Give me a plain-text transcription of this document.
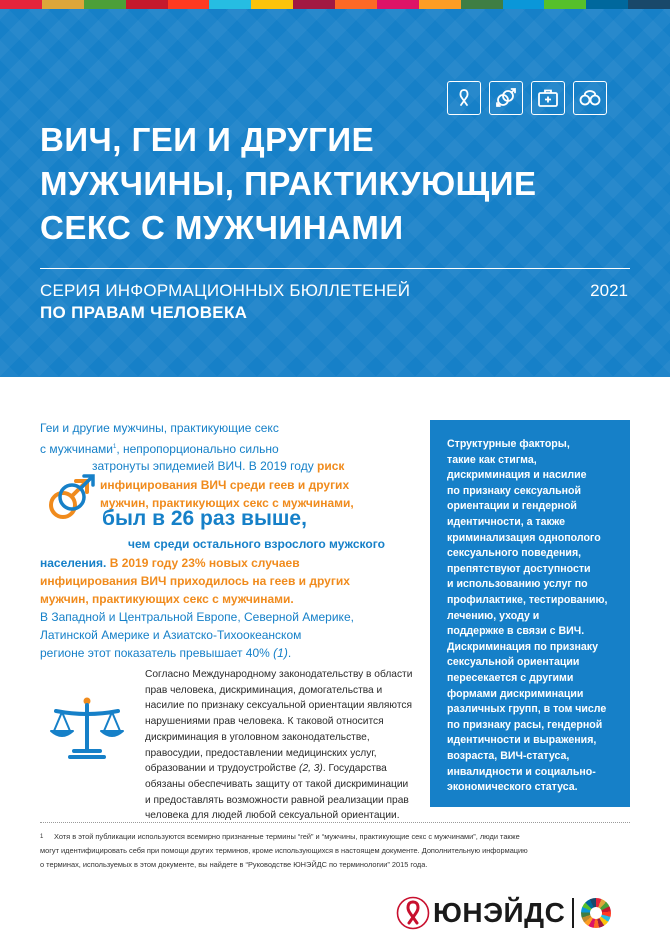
ВИЧ, ГЕИ И ДРУГИЕ
МУЖЧИНЫ, ПРАКТИКУЮЩИЕ
СЕКС С МУЖЧИНАМИ
СЕРИЯ ИНФОРМАЦИОННЫХ БЮЛЛЕТЕНЕЙ	2021
ПО ПРАВАМ ЧЕЛОВЕКА
Геи и другие мужчины, практикующие секс
с мужчинами$^1$, непропорционально сильно
затронуты эпидемией ВИЧ. В 2019 году риск
инфицирования ВИЧ среди геев и других
мужчин, практикующих секс с мужчинами,
был в 26 раз выше,
чем среди остального взрослого мужского
населения. В 2019 году 23% новых случаев
инфицирования ВИЧ приходилось на геев и других
мужчин, практикующих секс с мужчинами.
В Западной и Центральной Европе, Северной Америке,
Латинской Америке и Азиатско-Тихоокеанском
регионе этот показатель превышает 40% (1).
Согласно Международному законодательству в области
прав человека, дискриминация, домогательства и
насилие по признаку сексуальной ориентации являются
нарушениями прав человека. К таковой относится
дискриминация в уголовном законодательстве,
правосудии, предоставлении медицинских услуг,
образовании и трудоустройстве (2, 3). Государства
обязаны обеспечивать защиту от такой дискриминации
и предоставлять возможности равной реализации прав
человека для людей любой сексуальной ориентации.
Структурные факторы,
такие как стигма,
дискриминация и насилие
по признаку сексуальной
ориентации и гендерной
идентичности, а также
криминализация однополого
сексуального поведения,
препятствуют доступности
и использованию услуг по
профилактике, тестированию,
лечению, уходу и
поддержке в связи с ВИЧ.
Дискриминация по признаку
сексуальной ориентации
пересекается с другими
формами дискриминации
различных групп, в том числе
по признаку расы, гендерной
идентичности и выражения,
возраста, ВИЧ-статуса,
инвалидности и социально-
экономического статуса.
1 Хотя в этой публикации используются всемирно признанные термины “гей” и “мужчины, практикующие секс с мужчинами”, люди также
могут идентифицировать себя при помощи других терминов, кроме использующихся в настоящем документе. Дополнительную информацию
о терминах, используемых в этом документе, вы найдете в “Руководстве ЮНЭЙДС по терминологии” 2015 года.
ЮНЭЙДС
